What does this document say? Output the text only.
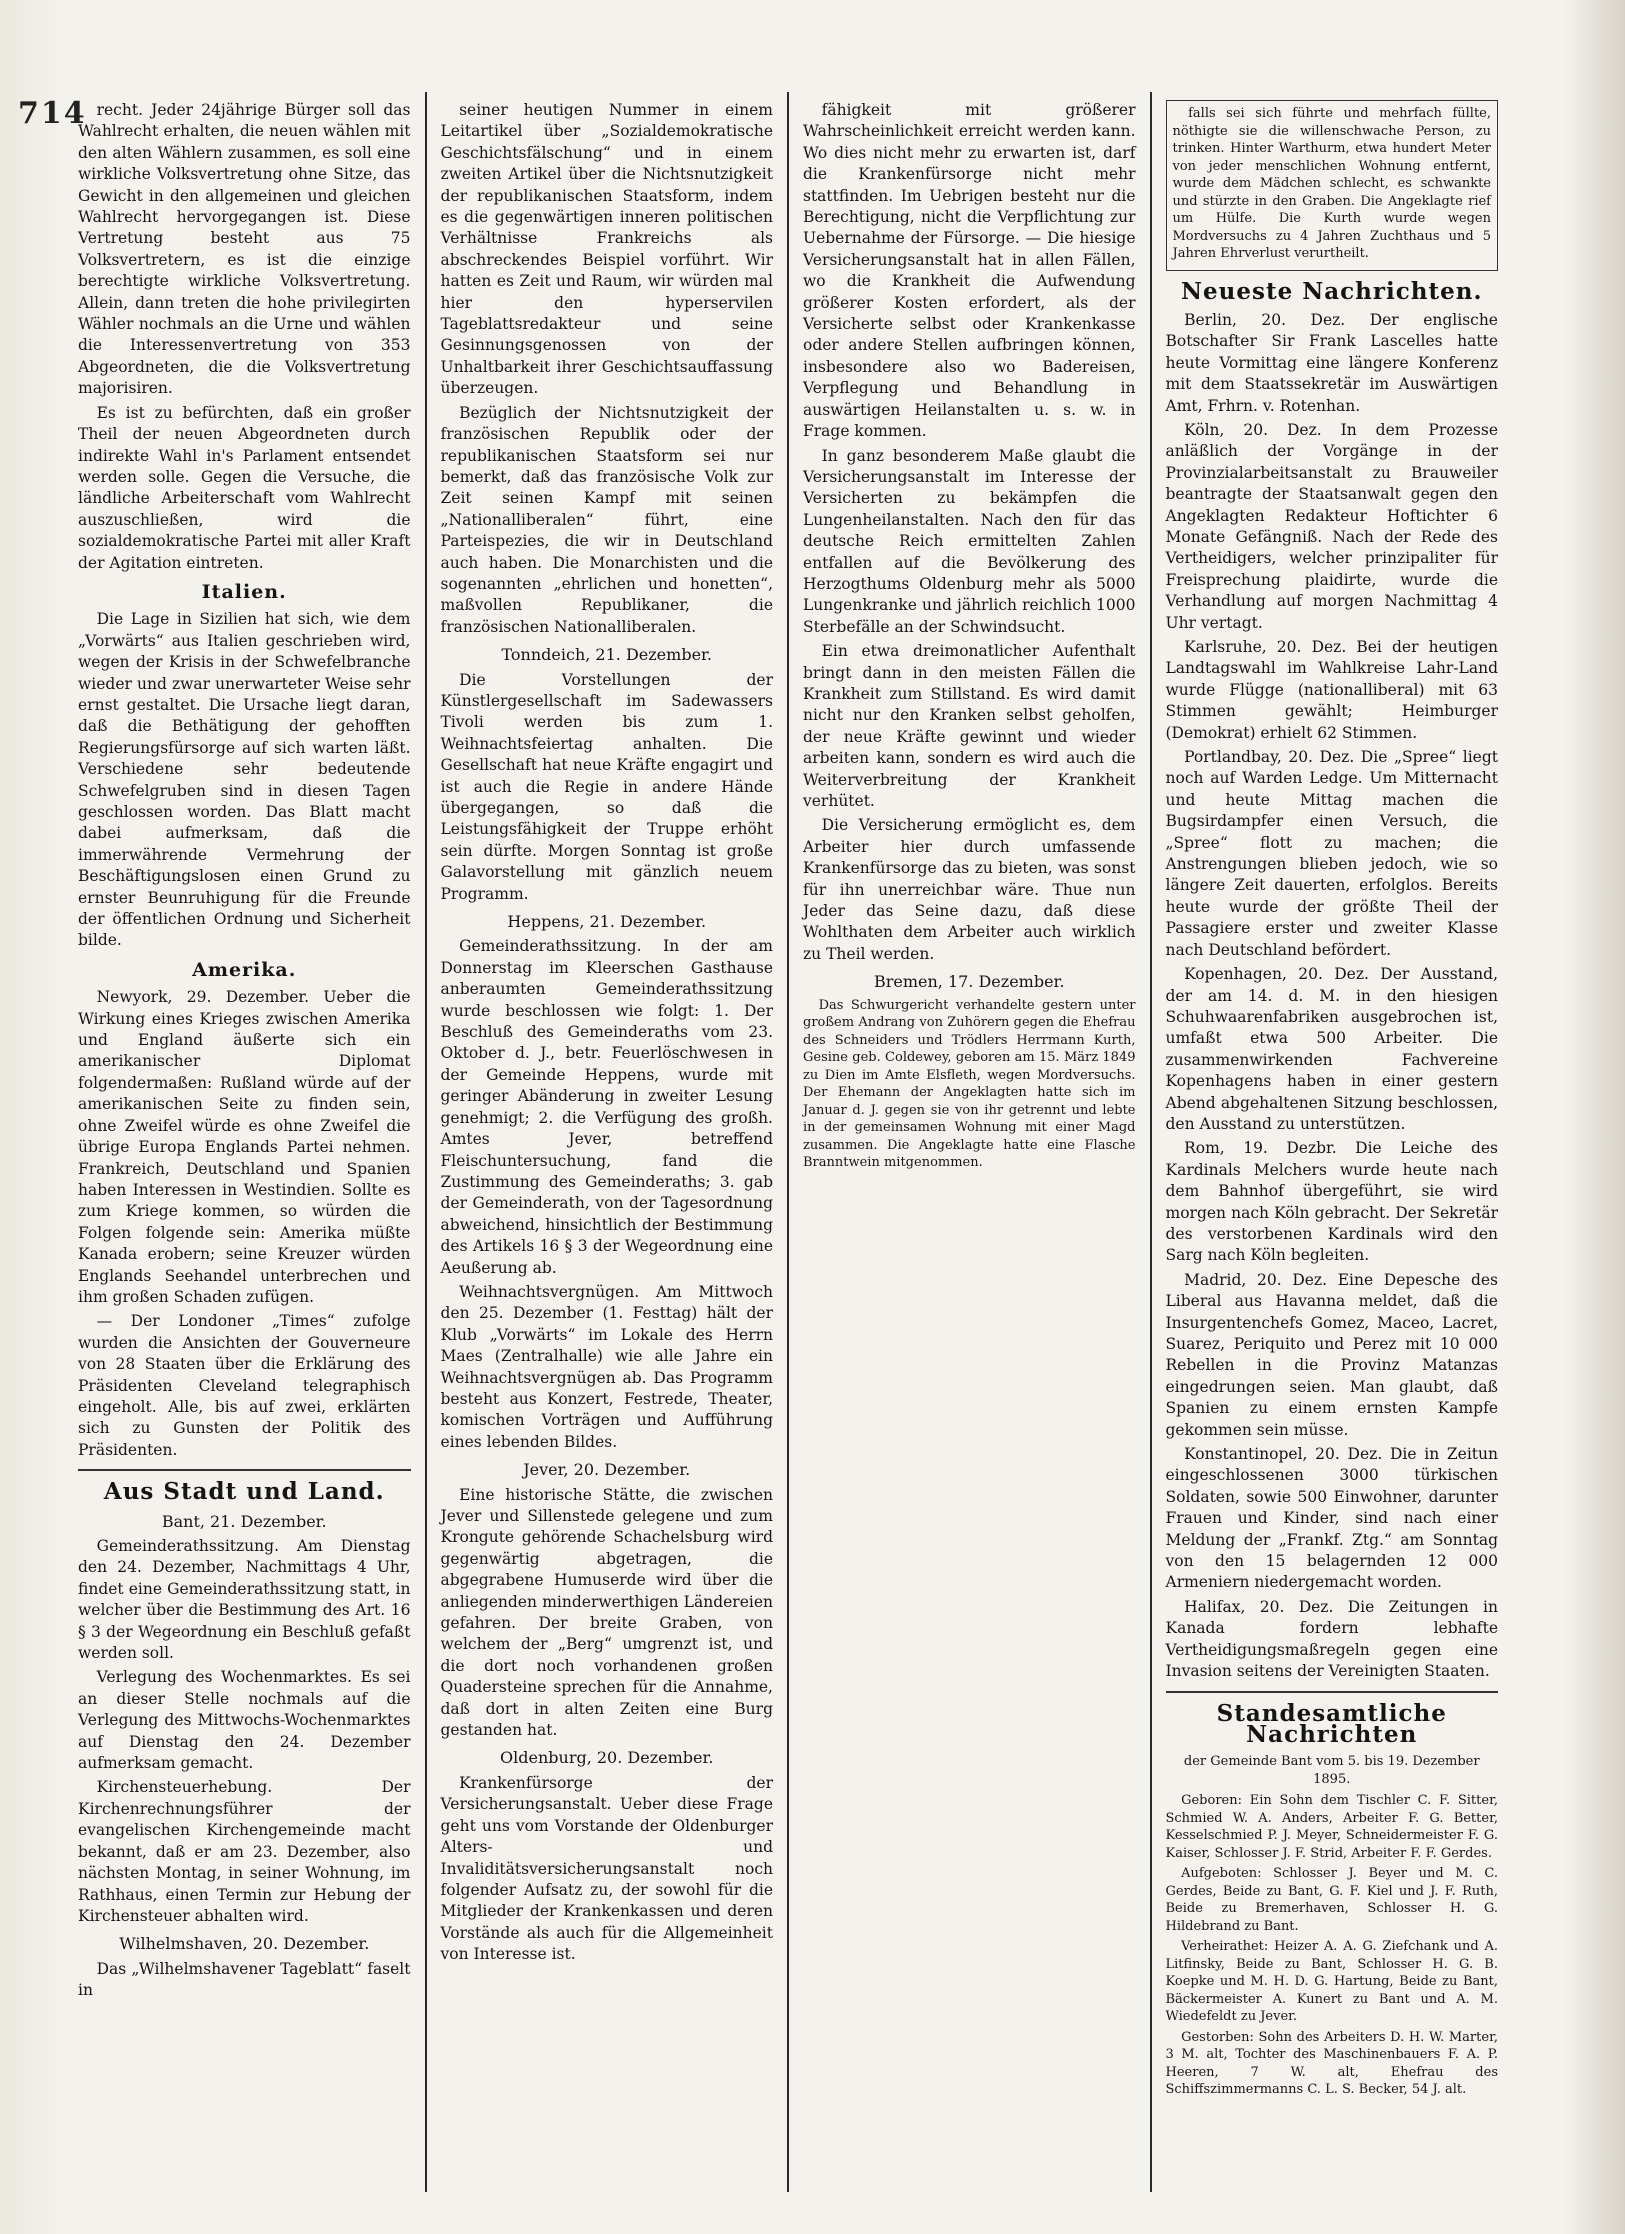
714 recht. Jeder 24jährige Bürger soll das Wahlrecht erhalten, die neuen wählen mit den alten Wählern zusammen, es soll eine wirkliche Volksvertretung ohne Sitze, das Gewicht in den allgemeinen und gleichen Wahlrecht hervorgegangen ist. Diese Vertretung besteht aus 75 Volksvertretern, es ist die einzige berechtigte wirkliche Volksvertretung. Allein, dann treten die hohe privilegirten Wähler nochmals an die Urne und wählen die Interessenvertretung von 353 Abgeordneten, die die Volksvertretung majorisiren.

Es ist zu befürchten, daß ein großer Theil der neuen Abgeordneten durch indirekte Wahl in's Parlament entsendet werden solle. Gegen die Versuche, die ländliche Arbeiterschaft vom Wahlrecht auszuschließen, wird die sozialdemokratische Partei mit aller Kraft der Agitation eintreten.

Italien.

Die Lage in Sizilien hat sich, wie dem „Vorwärts“ aus Italien geschrieben wird, wegen der Krisis in der Schwefelbranche wieder und zwar unerwarteter Weise sehr ernst gestaltet. Die Ursache liegt daran, daß die Bethätigung der gehofften Regierungsfürsorge auf sich warten läßt. Verschiedene sehr bedeutende Schwefelgruben sind in diesen Tagen geschlossen worden. Das Blatt macht dabei aufmerksam, daß die immerwährende Vermehrung der Beschäftigungslosen einen Grund zu ernster Beunruhigung für die Freunde der öffentlichen Ordnung und Sicherheit bilde.

Amerika.

Newyork, 29. Dezember. Ueber die Wirkung eines Krieges zwischen Amerika und England äußerte sich ein amerikanischer Diplomat folgendermaßen: Rußland würde auf der amerikanischen Seite zu finden sein, ohne Zweifel würde es ohne Zweifel die übrige Europa Englands Partei nehmen. Frankreich, Deutschland und Spanien haben Interessen in Westindien. Sollte es zum Kriege kommen, so würden die Folgen folgende sein: Amerika müßte Kanada erobern; seine Kreuzer würden Englands Seehandel unterbrechen und ihm großen Schaden zufügen.

— Der Londoner „Times“ zufolge wurden die Ansichten der Gouverneure von 28 Staaten über die Erklärung des Präsidenten Cleveland telegraphisch eingeholt. Alle, bis auf zwei, erklärten sich zu Gunsten der Politik des Präsidenten.

Aus Stadt und Land.
Bant, 21. Dezember.

Gemeinderathssitzung. Am Dienstag den 24. Dezember, Nachmittags 4 Uhr, findet eine Gemeinderathssitzung statt, in welcher über die Bestimmung des Art. 16 § 3 der Wegeordnung ein Beschluß gefaßt werden soll.

Verlegung des Wochenmarktes. Es sei an dieser Stelle nochmals auf die Verlegung des Mittwochs-Wochenmarktes auf Dienstag den 24. Dezember aufmerksam gemacht.

Kirchensteuerhebung. Der Kirchenrechnungsführer der evangelischen Kirchengemeinde macht bekannt, daß er am 23. Dezember, also nächsten Montag, in seiner Wohnung, im Rathhaus, einen Termin zur Hebung der Kirchensteuer abhalten wird.

Wilhelmshaven, 20. Dezember.

Das „Wilhelmshavener Tageblatt“ faselt in

seiner heutigen Nummer in einem Leitartikel über „Sozialdemokratische Geschichtsfälschung“ und in einem zweiten Artikel über die Nichtsnutzigkeit der republikanischen Staatsform, indem es die gegenwärtigen inneren politischen Verhältnisse Frankreichs als abschreckendes Beispiel vorführt. Wir hatten es Zeit und Raum, wir würden mal hier den hyperservilen Tageblattsredakteur und seine Gesinnungsgenossen von der Unhaltbarkeit ihrer Geschichtsauffassung überzeugen.

Bezüglich der Nichtsnutzigkeit der französischen Republik oder der republikanischen Staatsform sei nur bemerkt, daß das französische Volk zur Zeit seinen Kampf mit seinen „Nationalliberalen“ führt, eine Parteispezies, die wir in Deutschland auch haben. Die Monarchisten und die sogenannten „ehrlichen und honetten“, maßvollen Republikaner, die französischen Nationalliberalen.

Tonndeich, 21. Dezember.

Die Vorstellungen der Künstlergesellschaft im Sadewassers Tivoli werden bis zum 1. Weihnachtsfeiertag anhalten. Die Gesellschaft hat neue Kräfte engagirt und ist auch die Regie in andere Hände übergegangen, so daß die Leistungsfähigkeit der Truppe erhöht sein dürfte. Morgen Sonntag ist große Galavorstellung mit gänzlich neuem Programm.

Heppens, 21. Dezember.

Gemeinderathssitzung. In der am Donnerstag im Kleerschen Gasthause anberaumten Gemeinderathssitzung wurde beschlossen wie folgt: 1. Der Beschluß des Gemeinderaths vom 23. Oktober d. J., betr. Feuerlöschwesen in der Gemeinde Heppens, wurde mit geringer Abänderung in zweiter Lesung genehmigt; 2. die Verfügung des großh. Amtes Jever, betreffend Fleischuntersuchung, fand die Zustimmung des Gemeinderaths; 3. gab der Gemeinderath, von der Tagesordnung abweichend, hinsichtlich der Bestimmung des Artikels 16 § 3 der Wegeordnung eine Aeußerung ab.

Weihnachtsvergnügen. Am Mittwoch den 25. Dezember (1. Festtag) hält der Klub „Vorwärts“ im Lokale des Herrn Maes (Zentralhalle) wie alle Jahre ein Weihnachtsvergnügen ab. Das Programm besteht aus Konzert, Festrede, Theater, komischen Vorträgen und Aufführung eines lebenden Bildes.

Jever, 20. Dezember.

Eine historische Stätte, die zwischen Jever und Sillenstede gelegene und zum Krongute gehörende Schachelsburg wird gegenwärtig abgetragen, die abgegrabene Humuserde wird über die anliegenden minderwerthigen Ländereien gefahren. Der breite Graben, von welchem der „Berg“ umgrenzt ist, und die dort noch vorhandenen großen Quadersteine sprechen für die Annahme, daß dort in alten Zeiten eine Burg gestanden hat.

Oldenburg, 20. Dezember.

Krankenfürsorge der Versicherungsanstalt. Ueber diese Frage geht uns vom Vorstande der Oldenburger Alters- und Invaliditätsversicherungsanstalt noch folgender Aufsatz zu, der sowohl für die Mitglieder der Krankenkassen und deren Vorstände als auch für die Allgemeinheit von Interesse ist.

fähigkeit mit größerer Wahrscheinlichkeit erreicht werden kann. Wo dies nicht mehr zu erwarten ist, darf die Krankenfürsorge nicht mehr stattfinden. Im Uebrigen besteht nur die Berechtigung, nicht die Verpflichtung zur Uebernahme der Fürsorge. — Die hiesige Versicherungsanstalt hat in allen Fällen, wo die Krankheit die Aufwendung größerer Kosten erfordert, als der Versicherte selbst oder Krankenkasse oder andere Stellen aufbringen können, insbesondere also wo Badereisen, Verpflegung und Behandlung in auswärtigen Heilanstalten u. s. w. in Frage kommen.

In ganz besonderem Maße glaubt die Versicherungsanstalt im Interesse der Versicherten zu bekämpfen die Lungenheilanstalten. Nach den für das deutsche Reich ermittelten Zahlen entfallen auf die Bevölkerung des Herzogthums Oldenburg mehr als 5000 Lungenkranke und jährlich reichlich 1000 Sterbefälle an der Schwindsucht.

Ein etwa dreimonatlicher Aufenthalt bringt dann in den meisten Fällen die Krankheit zum Stillstand. Es wird damit nicht nur den Kranken selbst geholfen, der neue Kräfte gewinnt und wieder arbeiten kann, sondern es wird auch die Weiterverbreitung der Krankheit verhütet.

Die Versicherung ermöglicht es, dem Arbeiter hier durch umfassende Krankenfürsorge das zu bieten, was sonst für ihn unerreichbar wäre. Thue nun Jeder das Seine dazu, daß diese Wohlthaten dem Arbeiter auch wirklich zu Theil werden.

Bremen, 17. Dezember.

Das Schwurgericht verhandelte gestern unter großem Andrang von Zuhörern gegen die Ehefrau des Schneiders und Trödlers Herrmann Kurth, Gesine geb. Coldewey, geboren am 15. März 1849 zu Dien im Amte Elsfleth, wegen Mordversuchs. Der Ehemann der Angeklagten hatte sich im Januar d. J. gegen sie von ihr getrennt und lebte in der gemeinsamen Wohnung mit einer Magd zusammen. Die Angeklagte hatte eine Flasche Branntwein mitgenommen.

falls sei sich führte und mehrfach füllte, nöthigte sie die willenschwache Person, zu trinken. Hinter Warthurm, etwa hundert Meter von jeder menschlichen Wohnung entfernt, wurde dem Mädchen schlecht, es schwankte und stürzte in den Graben. Die Angeklagte rief um Hülfe. Die Kurth wurde wegen Mordversuchs zu 4 Jahren Zuchthaus und 5 Jahren Ehrverlust verurtheilt.

Neueste Nachrichten.

Berlin, 20. Dez. Der englische Botschafter Sir Frank Lascelles hatte heute Vormittag eine längere Konferenz mit dem Staatssekretär im Auswärtigen Amt, Frhrn. v. Rotenhan.

Köln, 20. Dez. In dem Prozesse anläßlich der Vorgänge in der Provinzialarbeitsanstalt zu Brauweiler beantragte der Staatsanwalt gegen den Angeklagten Redakteur Hoftichter 6 Monate Gefängniß. Nach der Rede des Vertheidigers, welcher prinzipaliter für Freisprechung plaidirte, wurde die Verhandlung auf morgen Nachmittag 4 Uhr vertagt.

Karlsruhe, 20. Dez. Bei der heutigen Landtagswahl im Wahlkreise Lahr-Land wurde Flügge (nationalliberal) mit 63 Stimmen gewählt; Heimburger (Demokrat) erhielt 62 Stimmen.

Portlandbay, 20. Dez. Die „Spree“ liegt noch auf Warden Ledge. Um Mitternacht und heute Mittag machen die Bugsirdampfer einen Versuch, die „Spree“ flott zu machen; die Anstrengungen blieben jedoch, wie so längere Zeit dauerten, erfolglos. Bereits heute wurde der größte Theil der Passagiere erster und zweiter Klasse nach Deutschland befördert.

Kopenhagen, 20. Dez. Der Ausstand, der am 14. d. M. in den hiesigen Schuhwaarenfabriken ausgebrochen ist, umfaßt etwa 500 Arbeiter. Die zusammenwirkenden Fachvereine Kopenhagens haben in einer gestern Abend abgehaltenen Sitzung beschlossen, den Ausstand zu unterstützen.

Rom, 19. Dezbr. Die Leiche des Kardinals Melchers wurde heute nach dem Bahnhof übergeführt, sie wird morgen nach Köln gebracht. Der Sekretär des verstorbenen Kardinals wird den Sarg nach Köln begleiten.

Madrid, 20. Dez. Eine Depesche des Liberal aus Havanna meldet, daß die Insurgentenchefs Gomez, Maceo, Lacret, Suarez, Periquito und Perez mit 10 000 Rebellen in die Provinz Matanzas eingedrungen seien. Man glaubt, daß Spanien zu einem ernsten Kampfe gekommen sein müsse.

Konstantinopel, 20. Dez. Die in Zeitun eingeschlossenen 3000 türkischen Soldaten, sowie 500 Einwohner, darunter Frauen und Kinder, sind nach einer Meldung der „Frankf. Ztg.“ am Sonntag von den 15 belagernden 12 000 Armeniern niedergemacht worden.

Halifax, 20. Dez. Die Zeitungen in Kanada fordern lebhafte Vertheidigungsmaßregeln gegen eine Invasion seitens der Vereinigten Staaten.

Standesamtliche Nachrichten
der Gemeinde Bant vom 5. bis 19. Dezember 1895.

Geboren: Ein Sohn dem Tischler C. F. Sitter, Schmied W. A. Anders, Arbeiter F. G. Better, Kesselschmied P. J. Meyer, Schneidermeister F. G. Kaiser, Schlosser J. F. Strid, Arbeiter F. F. Gerdes.

Aufgeboten: Schlosser J. Beyer und M. C. Gerdes, Beide zu Bant, G. F. Kiel und J. F. Ruth, Beide zu Bremerhaven, Schlosser H. G. Hildebrand zu Bant.

Verheirathet: Heizer A. A. G. Ziefchank und A. Litfinsky, Beide zu Bant, Schlosser H. G. B. Koepke und M. H. D. G. Hartung, Beide zu Bant, Bäckermeister A. Kunert zu Bant und A. M. Wiedefeldt zu Jever.

Gestorben: Sohn des Arbeiters D. H. W. Marter, 3 M. alt, Tochter des Maschinenbauers F. A. P. Heeren, 7 W. alt, Ehefrau des Schiffszimmermanns C. L. S. Becker, 54 J. alt.
